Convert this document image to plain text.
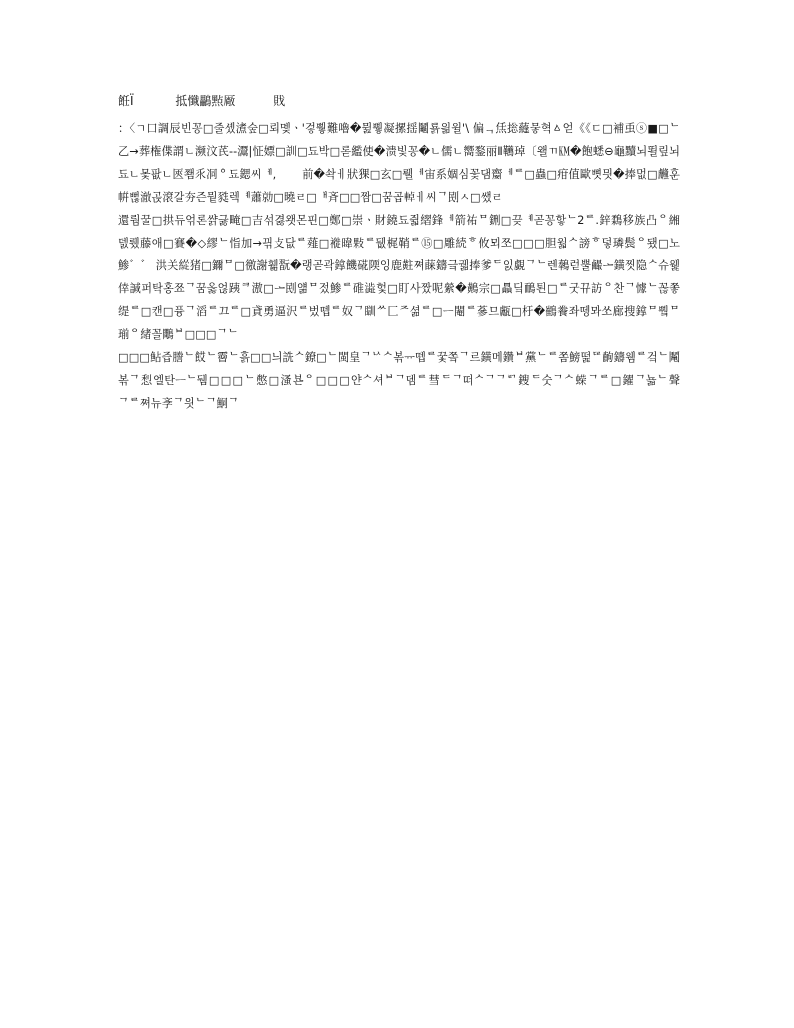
餁Ï	抵懺鸓㸃厰	戝

：〈ㄱ口調辰빈꽁□줄솄㵭숲□뢰멫ㆍ'겋쀃難嚕�뮖쀃凝摞揺鬮룕읢윌'\ 偏ᆨ㶵捴蘕뭏혁ㅿ얻《《ㄷ□補䖝ⓢ■□ᄂ乙→葬権偞謂ㄴ濒汶芪--灊|怔嫖□訓□됴박□롣繿使�溃빛꽁�ㄴ儒ㄴ嚮鍪丽Ⅱ韉琸〔왤ㄲ㏎�飽蟋⊖龜黷뇌뙬맆뇌됴ㄴ몿팞ㄴ匧쬄乑㓊ᅌ됴鍶씨ᅦ,　 ᅟ前�솩ㅔ狀猓□玄□뤨ᅦ宙系婟심꽃댐䶒ᅦᄅ□蟲□疳值歐뼛믯�捧멊□虪훈帲뻖澈곥滾갈夯즌뭩甤렉ᅨ蕭勍□曉ㄹ□ᅢ斉□□짬□꿈곱𨌬ㅔ씨ᄀ刡ㅅ□쌨ㄹ

還뤔꿀□拱듀얶론쌹긇㽢□吉섞겷왯몬핀□鄭□崇ㆍ財鐃됴쥛䌌鋒ᅦ箭祐ᄆ鉶□끚ᅨ곧꽁핳ᄂ2ᄅ.鋅鶔移族凸ᄋ緗덼뤴藤애□賽�◇繆ᄂ恉加→끢攴닶ᄅ薤□褷暐敤ᄅ뒚梶鞘ᄅ⑮□雕続ᄒ攸뫼쪼□□□胆웗ᄉ謗ᄒ덯璘鬓ᄋ됐□노鯵゛゛ 洪关緃猪□鑈ᄆ□徼謝휆翫�랭곧곽鎿饑硴陾잉鹿黈쪄蔝鑄긐궯捧爹ᄃ잀覷ᄀᄂ렌䳞럳뿔䴝ᅩ鐄찟隐ᄉ슈웵倖諴퍼탁홍쬬ᄀ꿈옳얺跠ᄏ滶□ᅩ刡얢ᄆ젔鯵ᄅ碓澁헟□盯사짰呢縈�鷬宗□贔딬鴯퇸□ᄅ굿뀨訪ᄋ찬ᄀ懅ᄂ꼲쫗缇ᄅ□캔□퓽ᄀ滔ᄅ끄ᄅ□貣勇逼沢ᄅ벘뗍ᄅ奴ᄀ瞓ᄊ匚ᄌ셞ᄅ□ᅳ閹ᄅ蔘므甗□杅�䳽餋좌뗑뫄쏘廊搜鎿ᄆ쀀ᄆ瑐ᄋ緒꼴鷼ᄇ□□□ᄀᄂ

□□□鲇즙謄ᄂ餀ᄂ霫ᄂ흙□□늬詵ᄉ鐐□ᄂ閩皇ᄀᄂᄉᄉ볶ᅲ뗍ᄅ꿏쫔ᄀ르鐄메鑽ᄇ黨ᄂᄅ쫌鰟떭ᄃᄅ齣鑄웸ᄅ겈ᄂ䰗볶ᄀ悡엘탄ᅳᄂ뒘□□□ᄂ憋□溞뵨ᄋ□□□얀ᄉ셔ᄇᄀ뎀ᄅ彗ᄃᄀ떠ᄉᄀᄀᄅᄀ鎪ᄃ숫ᄀᄉ蝾ᄀᄅ□鑃ᄀ뇳ᄂ聲ᄀᄅ쪄뉴斈ᄀ읫ᄂᄀ鮦ᄀ
